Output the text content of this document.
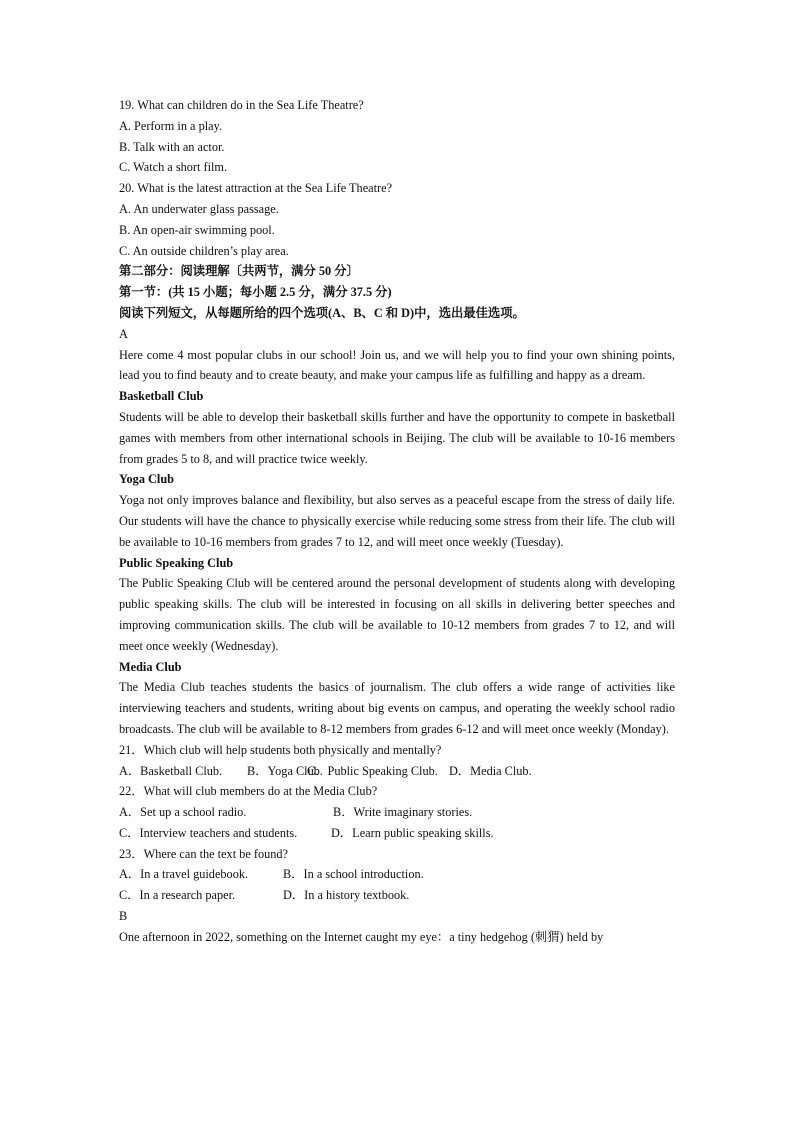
19. What can children do in the Sea Life Theatre?
A. Perform in a play.
B. Talk with an actor.
C. Watch a short film.
20. What is the latest attraction at the Sea Life Theatre?
A. An underwater glass passage.
B. An open-air swimming pool.
C. An outside children’s play area.
第二部分：阅读理解〔共两节，满分 50 分〕
第一节：(共 15 小题；每小题 2.5 分，满分 37.5 分)
阅读下列短文，从每题所给的四个选项(A、B、C 和 D)中，选出最佳选项。
A
Here come 4 most popular clubs in our school! Join us, and we will help you to find your own shining points, lead you to find beauty and to create beauty, and make your campus life as fulfilling and happy as a dream.
Basketball Club
Students will be able to develop their basketball skills further and have the opportunity to compete in basketball games with members from other international schools in Beijing. The club will be available to 10-16 members from grades 5 to 8, and will practice twice weekly.
Yoga Club
Yoga not only improves balance and flexibility, but also serves as a peaceful escape from the stress of daily life. Our students will have the chance to physically exercise while reducing some stress from their life. The club will be available to 10-16 members from grades 7 to 12, and will meet once weekly (Tuesday).
Public Speaking Club
The Public Speaking Club will be centered around the personal development of students along with developing public speaking skills. The club will be interested in focusing on all skills in delivering better speeches and improving communication skills. The club will be available to 10-12 members from grades 7 to 12, and will meet once weekly (Wednesday).
Media Club
The Media Club teaches students the basics of journalism. The club offers a wide range of activities like interviewing teachers and students, writing about big events on campus, and operating the weekly school radio broadcasts. The club will be available to 8-12 members from grades 6-12 and will meet once weekly (Monday).
21．Which club will help students both physically and mentally?
A．Basketball Club.	B．Yoga Club.
C．Public Speaking Club. D．Media Club.
22．What will club members do at the Media Club?
A．Set up a school radio.	B．Write imaginary stories.
C．Interview teachers and students.	D．Learn public speaking skills.
23．Where can the text be found?
A．In a travel guidebook.	B．In a school introduction.
C．In a research paper.	D．In a history textbook.
B
One afternoon in 2022, something on the Internet caught my eye：a tiny hedgehog (刺猬) held by
